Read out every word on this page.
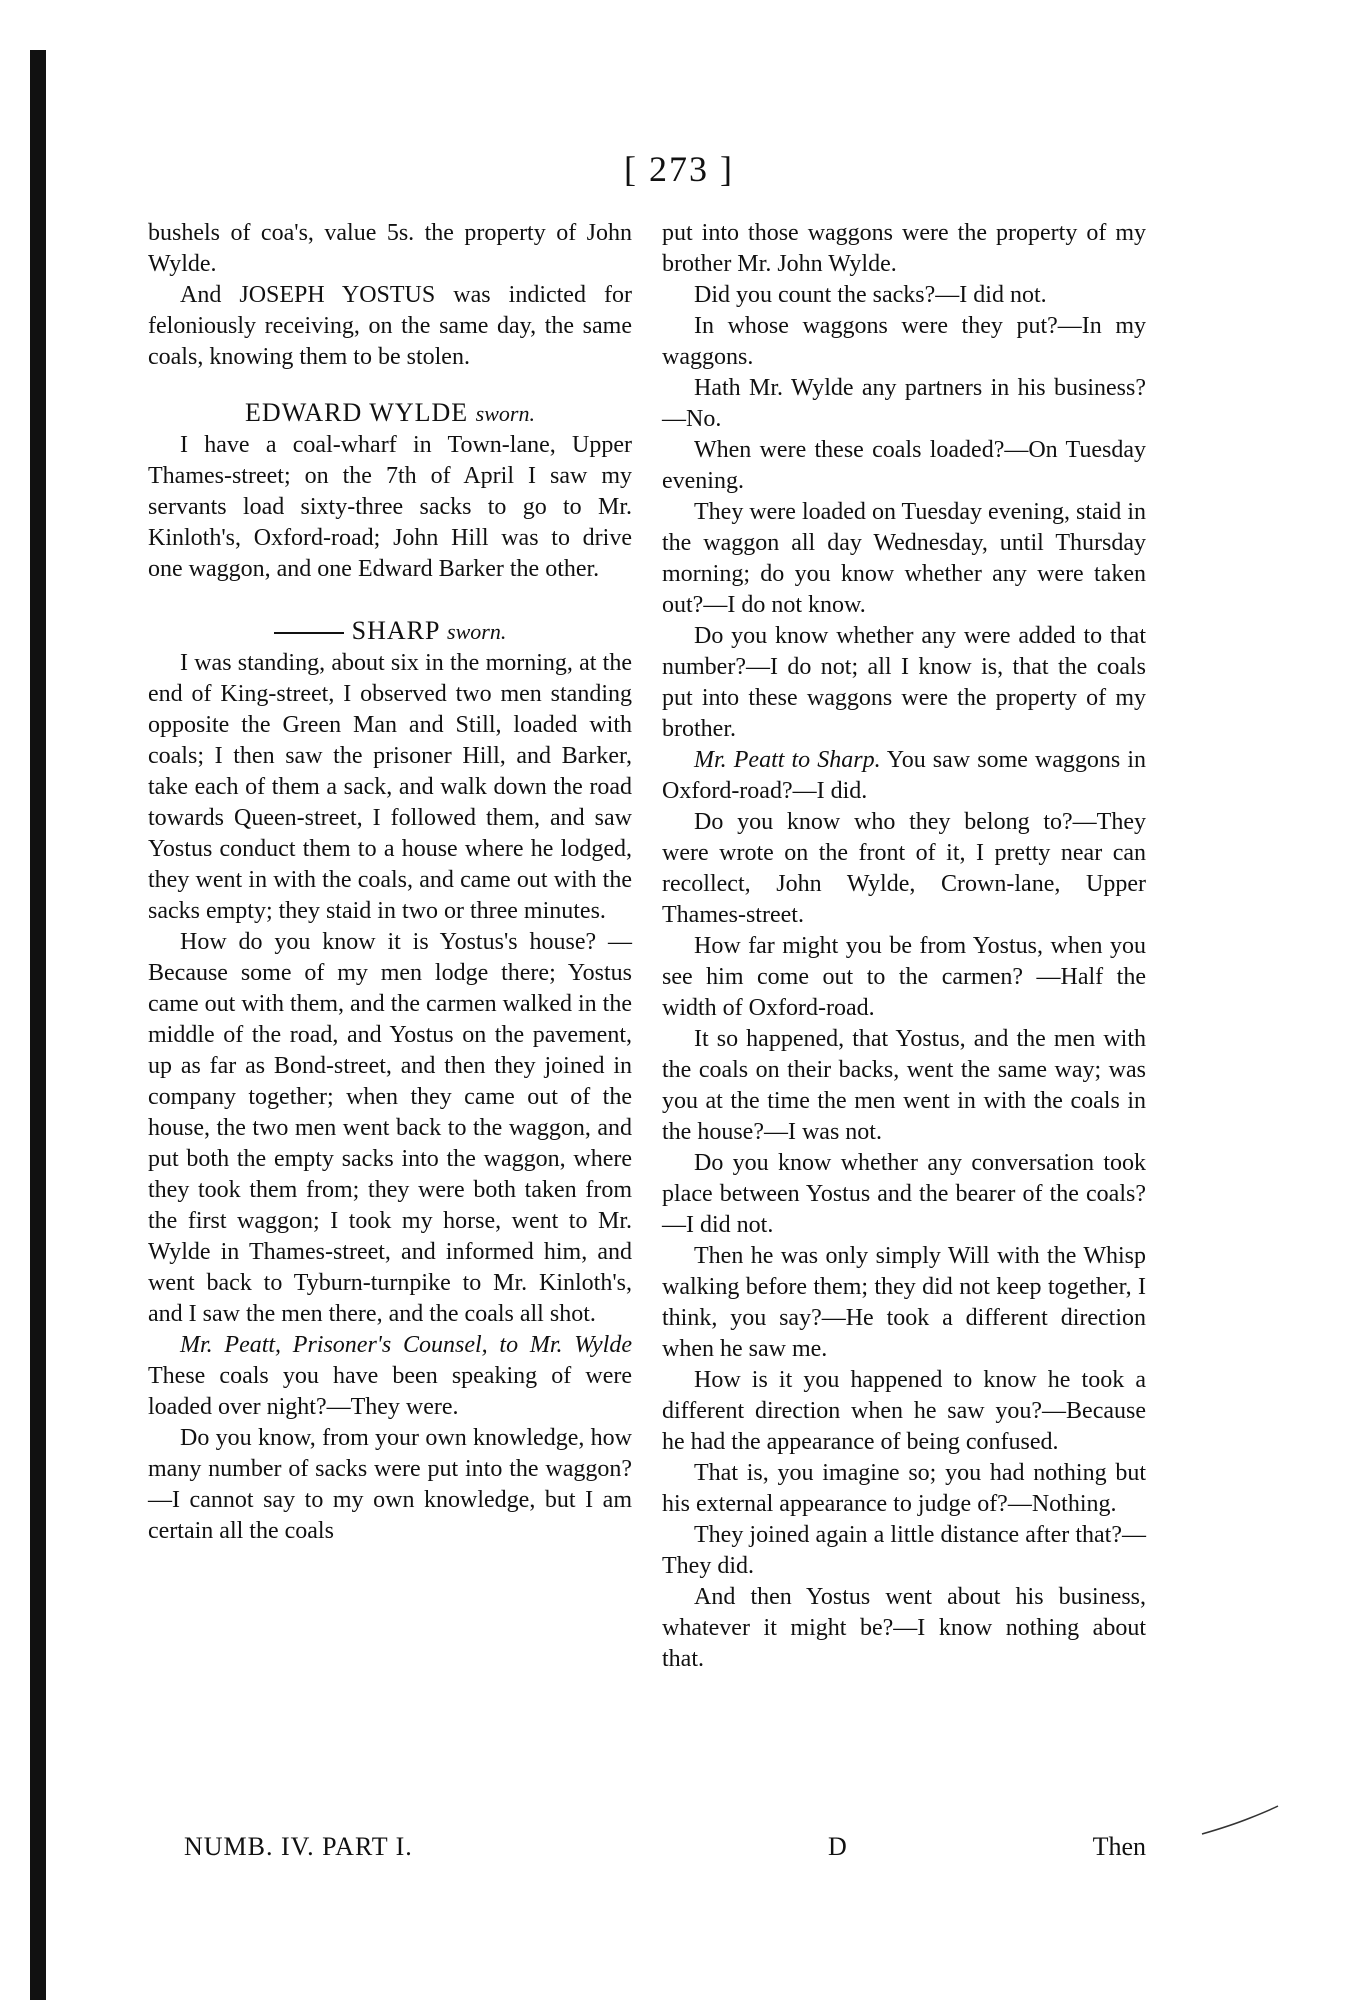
[ 273 ]

bushels of coa's, value 5s. the property of John Wylde.

And JOSEPH YOSTUS was indicted for feloniously receiving, on the same day, the same coals, knowing them to be stolen.

EDWARD WYLDE sworn.

I have a coal-wharf in Town-lane, Upper Thames-street; on the 7th of April I saw my servants load sixty-three sacks to go to Mr. Kinloth's, Oxford-road; John Hill was to drive one waggon, and one Edward Barker the other.

SHARP sworn.

I was standing, about six in the morning, at the end of King-street, I observed two men standing opposite the Green Man and Still, loaded with coals; I then saw the prisoner Hill, and Barker, take each of them a sack, and walk down the road towards Queen-street, I followed them, and saw Yostus conduct them to a house where he lodged, they went in with the coals, and came out with the sacks empty; they staid in two or three minutes.

How do you know it is Yostus's house? —Because some of my men lodge there; Yostus came out with them, and the carmen walked in the middle of the road, and Yostus on the pavement, up as far as Bond-street, and then they joined in company together; when they came out of the house, the two men went back to the waggon, and put both the empty sacks into the waggon, where they took them from; they were both taken from the first waggon; I took my horse, went to Mr. Wylde in Thames-street, and informed him, and went back to Tyburn-turnpike to Mr. Kinloth's, and I saw the men there, and the coals all shot.

Mr. Peatt, Prisoner's Counsel, to Mr. Wylde These coals you have been speaking of were loaded over night?—They were.

Do you know, from your own knowledge, how many number of sacks were put into the waggon?—I cannot say to my own knowledge, but I am certain all the coals

put into those waggons were the property of my brother Mr. John Wylde.

Did you count the sacks?—I did not.

In whose waggons were they put?—In my waggons.

Hath Mr. Wylde any partners in his business?—No.

When were these coals loaded?—On Tuesday evening.

They were loaded on Tuesday evening, staid in the waggon all day Wednesday, until Thursday morning; do you know whether any were taken out?—I do not know.

Do you know whether any were added to that number?—I do not; all I know is, that the coals put into these waggons were the property of my brother.

Mr. Peatt to Sharp. You saw some waggons in Oxford-road?—I did.

Do you know who they belong to?—They were wrote on the front of it, I pretty near can recollect, John Wylde, Crown-lane, Upper Thames-street.

How far might you be from Yostus, when you see him come out to the carmen? —Half the width of Oxford-road.

It so happened, that Yostus, and the men with the coals on their backs, went the same way; was you at the time the men went in with the coals in the house?—I was not.

Do you know whether any conversation took place between Yostus and the bearer of the coals?—I did not.

Then he was only simply Will with the Whisp walking before them; they did not keep together, I think, you say?—He took a different direction when he saw me.

How is it you happened to know he took a different direction when he saw you?—Because he had the appearance of being confused.

That is, you imagine so; you had nothing but his external appearance to judge of?—Nothing.

They joined again a little distance after that?—They did.

And then Yostus went about his business, whatever it might be?—I know nothing about that.

NUMB. IV. PART I.	D	Then
